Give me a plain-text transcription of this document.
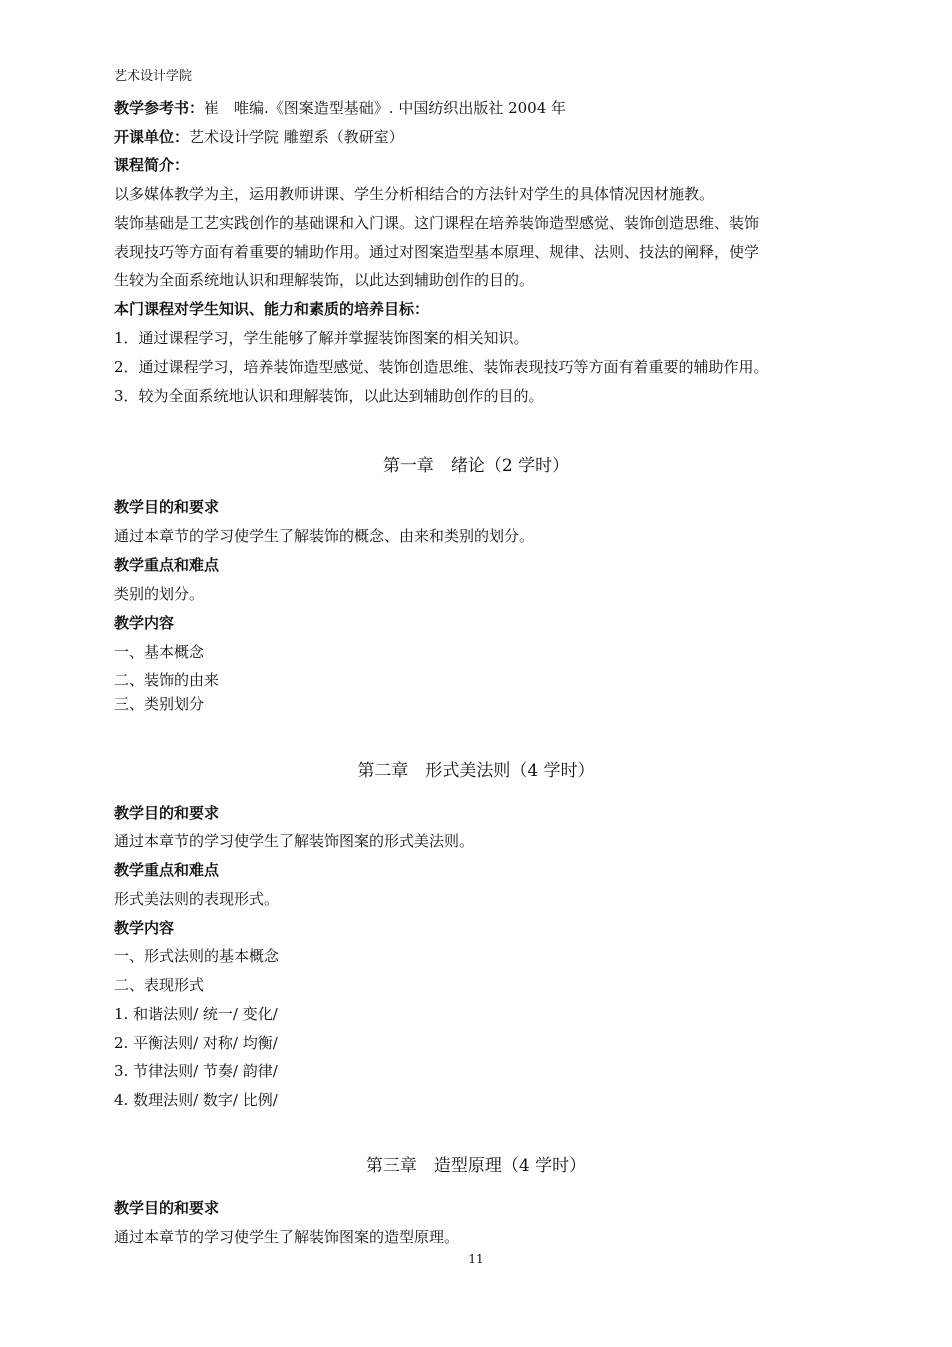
艺术设计学院
教学参考书：崔　唯编.《图案造型基础》. 中国纺织出版社 2004 年
开课单位：艺术设计学院 雕塑系（教研室）
课程简介：
以多媒体教学为主，运用教师讲课、学生分析相结合的方法针对学生的具体情况因材施教。
装饰基础是工艺实践创作的基础课和入门课。这门课程在培养装饰造型感觉、装饰创造思维、装饰
表现技巧等方面有着重要的辅助作用。通过对图案造型基本原理、规律、法则、技法的阐释，使学
生较为全面系统地认识和理解装饰，以此达到辅助创作的目的。
本门课程对学生知识、能力和素质的培养目标：
1．通过课程学习，学生能够了解并掌握装饰图案的相关知识。
2．通过课程学习，培养装饰造型感觉、装饰创造思维、装饰表现技巧等方面有着重要的辅助作用。
3．较为全面系统地认识和理解装饰，以此达到辅助创作的目的。
第一章　绪论（2 学时）
教学目的和要求
通过本章节的学习使学生了解装饰的概念、由来和类别的划分。
教学重点和难点
类别的划分。
教学内容
一、基本概念
二、装饰的由来
三、类别划分
第二章　形式美法则（4 学时）
教学目的和要求
通过本章节的学习使学生了解装饰图案的形式美法则。
教学重点和难点
形式美法则的表现形式。
教学内容
一、形式法则的基本概念
二、表现形式
1. 和谐法则/ 统一/ 变化/
2. 平衡法则/ 对称/ 均衡/
3. 节律法则/ 节奏/ 韵律/
4. 数理法则/ 数字/ 比例/
第三章　造型原理（4 学时）
教学目的和要求
通过本章节的学习使学生了解装饰图案的造型原理。
11
